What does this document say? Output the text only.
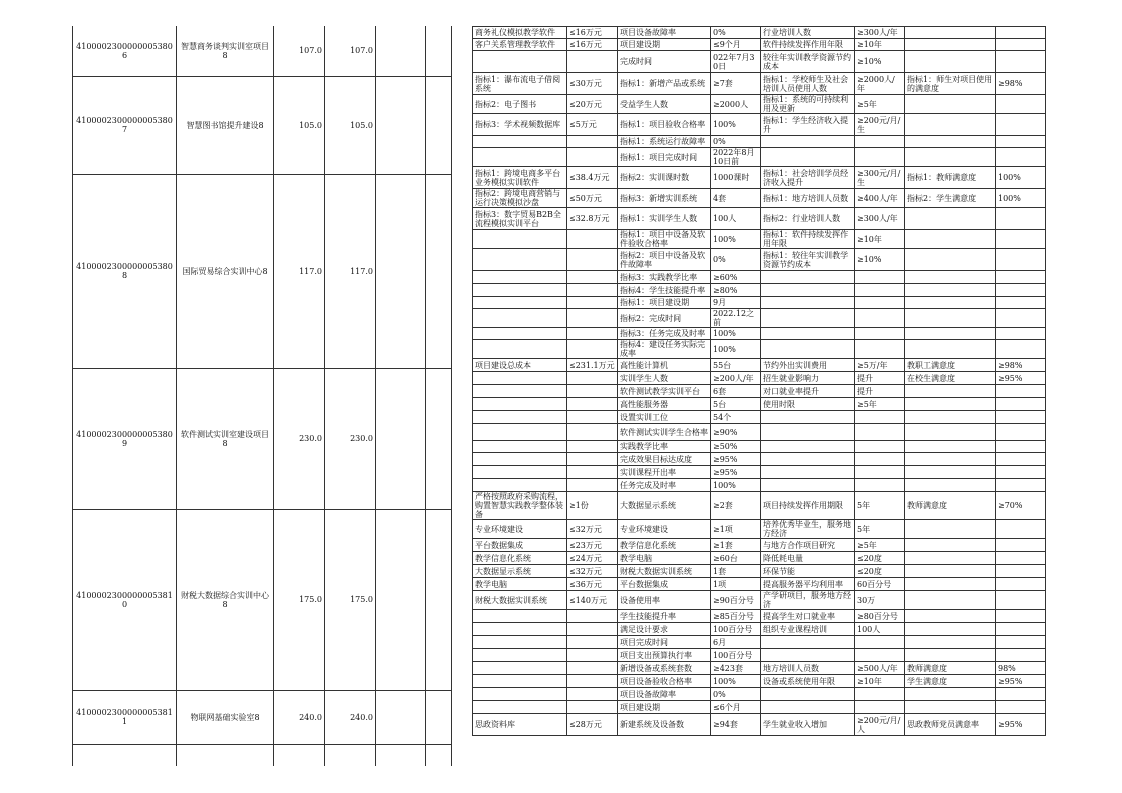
41000023000000053806	智慧商务谈判实训室项目8	107.0	107.0		
41000023000000053807	智慧图书馆提升建设8	105.0	105.0		
41000023000000053808	国际贸易综合实训中心8	117.0	117.0		
41000023000000053809	软件测试实训室建设项目8	230.0	230.0		
41000023000000053810	财税大数据综合实训中心8	175.0	175.0		
41000023000000053811	物联网基础实验室8	240.0	240.0		

商务礼仪模拟教学软件	≤16万元	项目设备故障率	0%	行业培训人数	≥300人/年		
客户关系管理教学软件	≤16万元	项目建设期	≤9个月	软件持续发挥作用年限	≥10年		
		完成时间	022年7月30日	较往年实训教学资源节约成本	≥10%		
指标1：瀑布流电子借阅系统	≤30万元	指标1：新增产品或系统	≥7套	指标1：学校师生及社会培训人员使用人数	≥2000人/年	指标1：师生对项目使用的满意度	≥98%
指标2：电子图书	≤20万元	受益学生人数	≥2000人	指标1：系统的可持续利用及更新	≥5年		
指标3：学术视频数据库	≤5万元	指标1：项目验收合格率	100%	指标1：学生经济收入提升	≥200元/月/生		
		指标1：系统运行故障率	0%				
		指标1：项目完成时间	2022年8月10日前				
指标1：跨境电商多平台业务模拟实训软件	≤38.4万元	指标2：实训课时数	1000课时	指标1：社会培训学员经济收入提升	≥300元/月/生	指标1：教师满意度	100%
指标2：跨境电商营销与运行决策模拟沙盘	≤50万元	指标3：新增实训系统	4套	指标1：地方培训人员数	≥400人/年	指标2：学生满意度	100%
指标3：数字贸易B2B全流程模拟实训平台	≤32.8万元	指标1：实训学生人数	100人	指标2：行业培训人数	≥300人/年		
		指标1：项目中设备及软件验收合格率	100%	指标1：软件持续发挥作用年限	≥10年		
		指标2：项目中设备及软件故障率	0%	指标1：较往年实训教学资源节约成本	≥10%		
		指标3：实践教学比率	≥60%				
		指标4：学生技能提升率	≥80%				
		指标1：项目建设期	9月				
		指标2：完成时间	2022.12之前				
		指标3：任务完成及时率	100%				
		指标4：建设任务实际完成率	100%				
项目建设总成本	≤231.1万元	高性能计算机	55台	节约外出实训费用	≥5万/年	教职工满意度	≥98%
		实训学生人数	≥200人/年	招生就业影响力	提升	在校生满意度	≥95%
		软件测试教学实训平台	6套	对口就业率提升	提升		
		高性能服务器	5台	使用时限	≥5年		
		设置实训工位	54个				
		软件测试实训学生合格率	≥90%				
		实践教学比率	≥50%				
		完成效果目标达成度	≥95%				
		实训课程开出率	≥95%				
		任务完成及时率	100%				
严格按照政府采购流程，购置智慧实践教学整体装备	≥1份	大数据显示系统	≥2套	项目持续发挥作用期限	5年	教师满意度	≥70%
专业环境建设	≤32万元	专业环境建设	≥1项	培养优秀毕业生，服务地方经济	5年		
平台数据集成	≤23万元	教学信息化系统	≥1套	与地方合作项目研究	≥5年		
教学信息化系统	≤24万元	教学电脑	≥60台	降低耗电量	≤20度		
大数据显示系统	≤32万元	财税大数据实训系统	1套	环保节能	≤20度		
教学电脑	≤36万元	平台数据集成	1项	提高服务器平均利用率	60百分号		
财税大数据实训系统	≤140万元	设备使用率	≥90百分号	产学研项目，服务地方经济	30万		
		学生技能提升率	≥85百分号	提高学生对口就业率	≥80百分号		
		满足设计要求	100百分号	组织专业课程培训	100人		
		项目完成时间	6月				
		项目支出预算执行率	100百分号				
		新增设备或系统套数	≥423套	地方培训人员数	≥500人/年	教师满意度	98%
		项目设备验收合格率	100%	设备或系统使用年限	≥10年	学生满意度	≥95%
		项目设备故障率	0%				
		项目建设期	≤6个月				
思政资料库	≤28万元	新建系统及设备数	≥94套	学生就业收入增加	≥200元/月/人	思政教师党员满意率	≥95%
